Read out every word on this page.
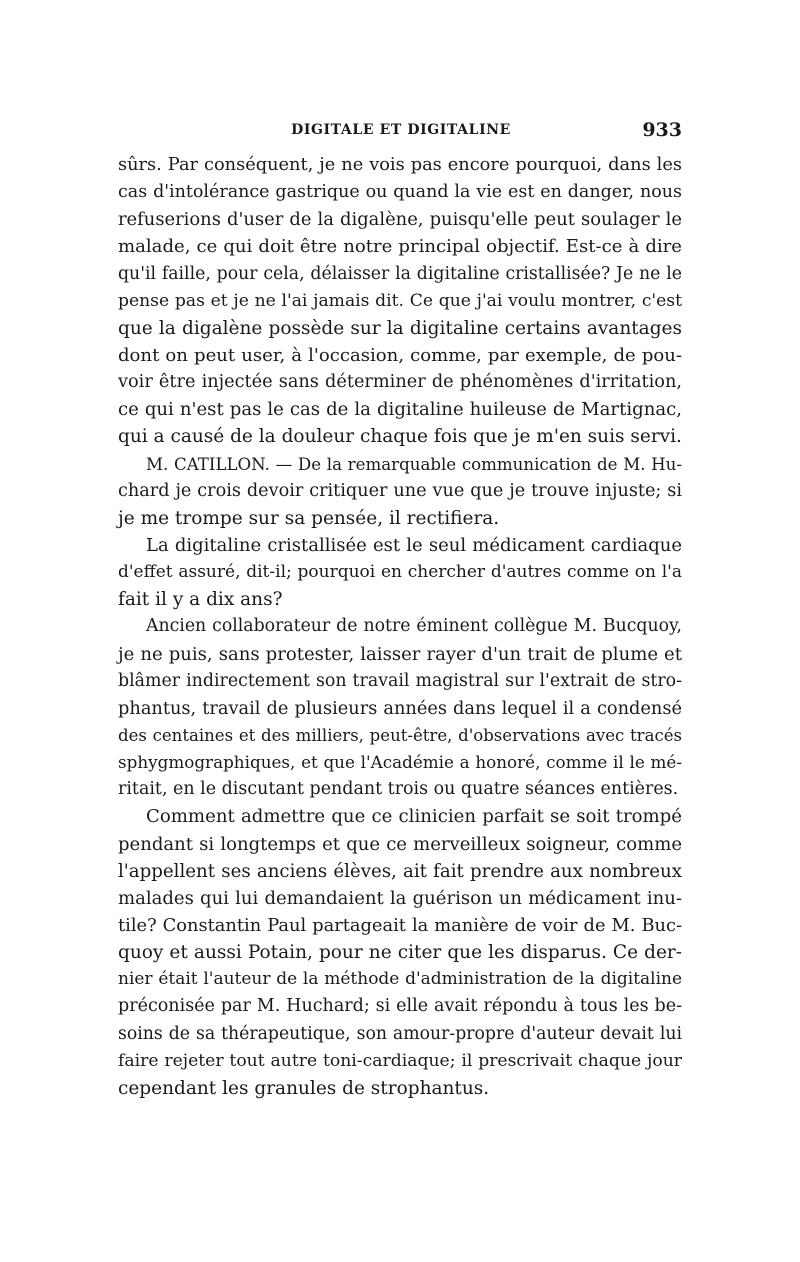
DIGITALE ET DIGITALINE	933
sûrs. Par conséquent, je ne vois pas encore pourquoi, dans les
cas d'intolérance gastrique ou quand la vie est en danger, nous
refuserions d'user de la digalène, puisqu'elle peut soulager le
malade, ce qui doit être notre principal objectif. Est-ce à dire
qu'il faille, pour cela, délaisser la digitaline cristallisée? Je ne le
pense pas et je ne l'ai jamais dit. Ce que j'ai voulu montrer, c'est
que la digalène possède sur la digitaline certains avantages
dont on peut user, à l'occasion, comme, par exemple, de pou-
voir être injectée sans déterminer de phénomènes d'irritation,
ce qui n'est pas le cas de la digitaline huileuse de Martignac,
qui a causé de la douleur chaque fois que je m'en suis servi.
M. CATILLON. — De la remarquable communication de M. Hu-
chard je crois devoir critiquer une vue que je trouve injuste; si
je me trompe sur sa pensée, il rectifiera.
La digitaline cristallisée est le seul médicament cardiaque
d'effet assuré, dit-il; pourquoi en chercher d'autres comme on l'a
fait il y a dix ans?
Ancien collaborateur de notre éminent collègue M. Bucquoy,
je ne puis, sans protester, laisser rayer d'un trait de plume et
blâmer indirectement son travail magistral sur l'extrait de stro-
phantus, travail de plusieurs années dans lequel il a condensé
des centaines et des milliers, peut-être, d'observations avec tracés
sphygmographiques, et que l'Académie a honoré, comme il le mé-
ritait, en le discutant pendant trois ou quatre séances entières.
Comment admettre que ce clinicien parfait se soit trompé
pendant si longtemps et que ce merveilleux soigneur, comme
l'appellent ses anciens élèves, ait fait prendre aux nombreux
malades qui lui demandaient la guérison un médicament inu-
tile? Constantin Paul partageait la manière de voir de M. Buc-
quoy et aussi Potain, pour ne citer que les disparus. Ce der-
nier était l'auteur de la méthode d'administration de la digitaline
préconisée par M. Huchard; si elle avait répondu à tous les be-
soins de sa thérapeutique, son amour-propre d'auteur devait lui
faire rejeter tout autre toni-cardiaque; il prescrivait chaque jour
cependant les granules de strophantus.
